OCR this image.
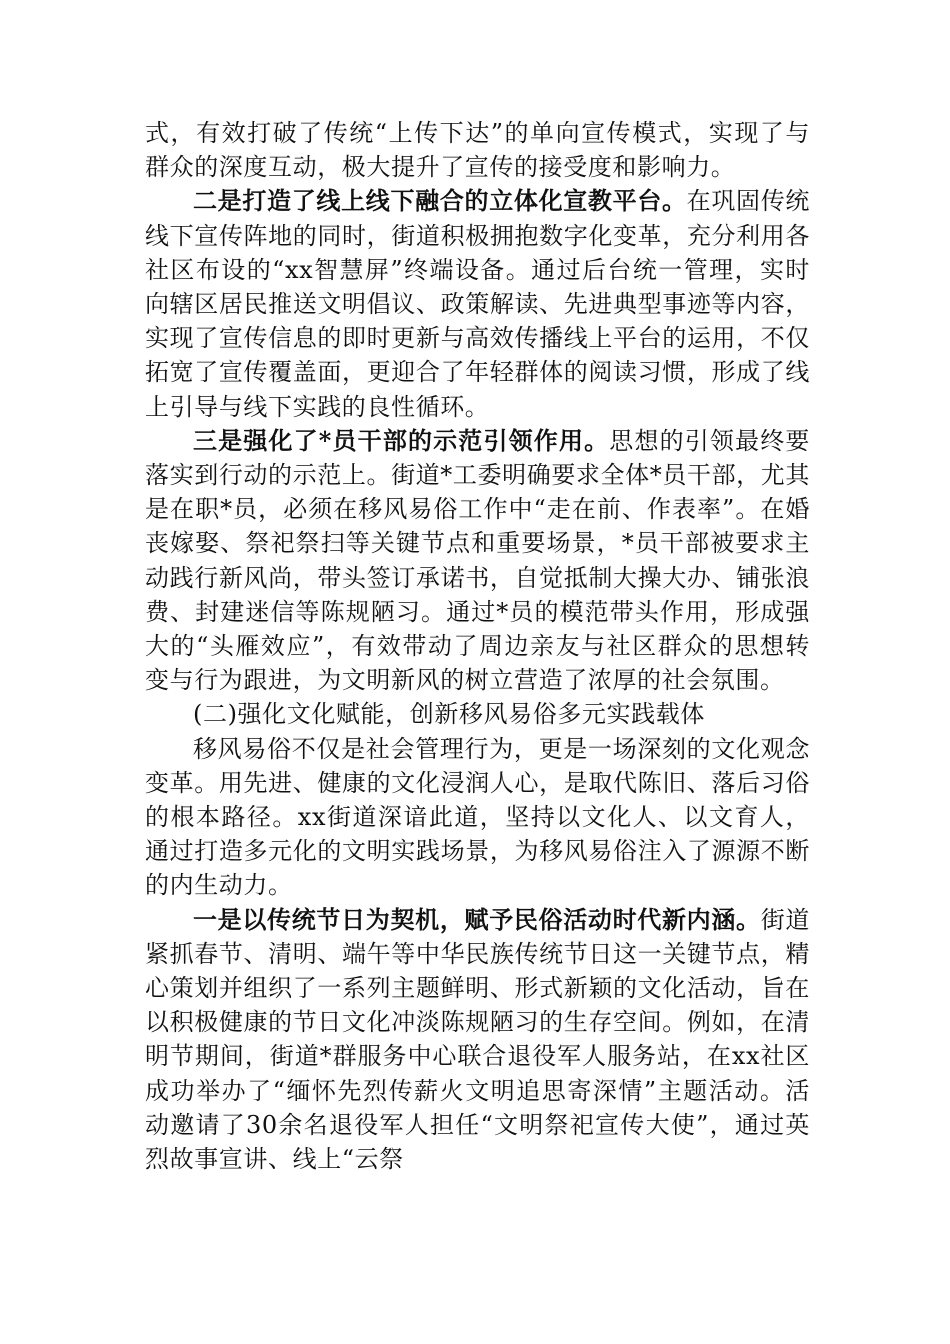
式，有效打破了传统“上传下达”的单向宣传模式，实现了与群众的深度互动，极大提升了宣传的接受度和影响力。

二是打造了线上线下融合的立体化宣教平台。在巩固传统线下宣传阵地的同时，街道积极拥抱数字化变革，充分利用各社区布设的“xx智慧屏”终端设备。通过后台统一管理，实时向辖区居民推送文明倡议、政策解读、先进典型事迹等内容，实现了宣传信息的即时更新与高效传播线上平台的运用，不仅拓宽了宣传覆盖面，更迎合了年轻群体的阅读习惯，形成了线上引导与线下实践的良性循环。

三是强化了*员干部的示范引领作用。思想的引领最终要落实到行动的示范上。街道*工委明确要求全体*员干部，尤其是在职*员，必须在移风易俗工作中“走在前、作表率”。在婚丧嫁娶、祭祀祭扫等关键节点和重要场景，*员干部被要求主动践行新风尚，带头签订承诺书，自觉抵制大操大办、铺张浪费、封建迷信等陈规陋习。通过*员的模范带头作用，形成强大的“头雁效应”，有效带动了周边亲友与社区群众的思想转变与行为跟进，为文明新风的树立营造了浓厚的社会氛围。

(二)强化文化赋能，创新移风易俗多元实践载体

移风易俗不仅是社会管理行为，更是一场深刻的文化观念变革。用先进、健康的文化浸润人心，是取代陈旧、落后习俗的根本路径。xx街道深谙此道，坚持以文化人、以文育人，通过打造多元化的文明实践场景，为移风易俗注入了源源不断的内生动力。

一是以传统节日为契机，赋予民俗活动时代新内涵。街道紧抓春节、清明、端午等中华民族传统节日这一关键节点，精心策划并组织了一系列主题鲜明、形式新颖的文化活动，旨在以积极健康的节日文化冲淡陈规陋习的生存空间。例如，在清明节期间，街道*群服务中心联合退役军人服务站，在xx社区成功举办了“缅怀先烈传薪火文明追思寄深情”主题活动。活动邀请了30余名退役军人担任“文明祭祀宣传大使”，通过英烈故事宣讲、线上“云祭
